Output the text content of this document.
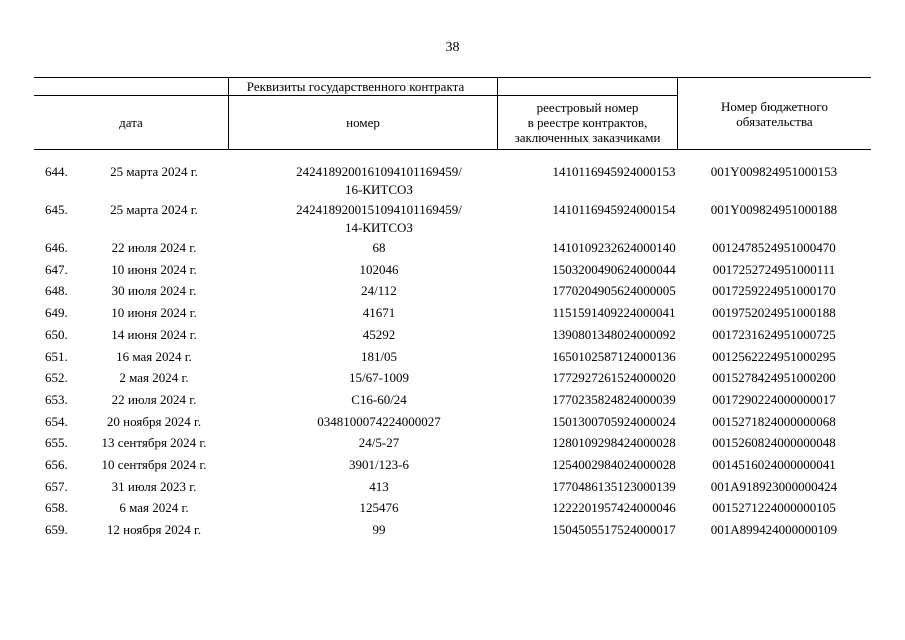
38
Реквизиты государственного контракта
дата	номер
реестровый номер
в реестре контрактов,
заключенных заказчиками
Номер бюджетного
обязательства
644.	25 марта 2024 г.	24241892001610941011694​59/
16-КИТСОЗ
1410116945924000153	001Y009824951000153
645.	25 марта 2024 г.	24241892001510941011694​59/
14-КИТСОЗ
1410116945924000154	001Y009824951000188
646.	22 июля 2024 г.	68	1410109232624000140	0012478524951000470
647.	10 июня 2024 г.	102046	1503200490624000044	0017252724951000111
648.	30 июля 2024 г.	24/112	1770204905624000005	0017259224951000170
649.	10 июня 2024 г.	41671	1151591409224000041	0019752024951000188
650.	14 июня 2024 г.	45292	1390801348024000092	0017231624951000725
651.	16 мая 2024 г.	181/05	1650102587124000136	0012562224951000295
652.	2 мая 2024 г.	15/67-1009	1772927261524000020	0015278424951000200
653.	22 июля 2024 г.	С16-60/24	1770235824824000039	0017290224000000017
654.	20 ноября 2024 г.	0348100074224000027	1501300705924000024	0015271824000000068
655.	13 сентября 2024 г.	24/5-27	1280109298424000028	0015260824000000048
656.	10 сентября 2024 г.	3901/123-6	1254002984024000028	0014516024000000041
657.	31 июля 2023 г.	413	1770486135123000139	001A918923000000424
658.	6 мая 2024 г.	125476	1222201957424000046	0015271224000000105
659.	12 ноября 2024 г.	99	1504505517524000017	001A899424000000109
